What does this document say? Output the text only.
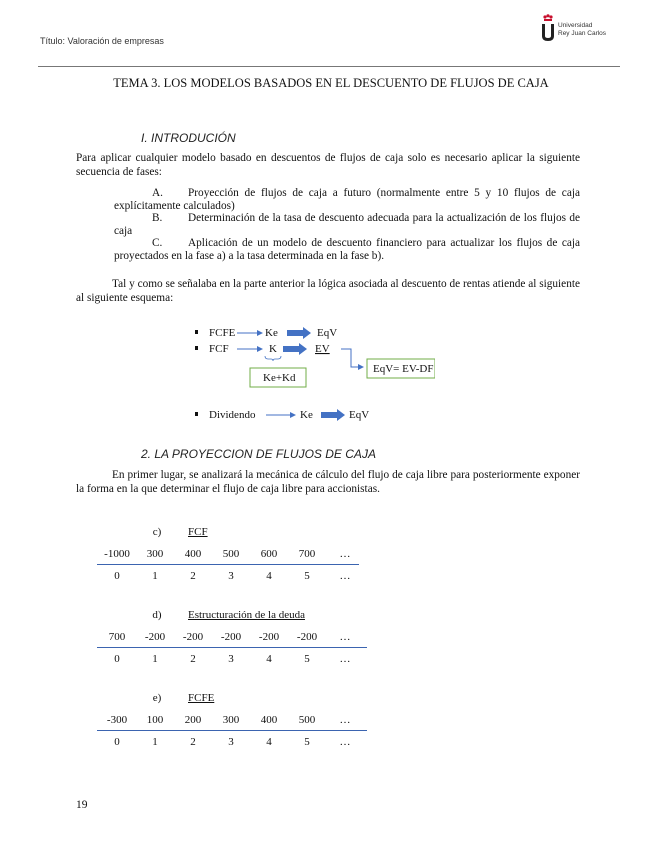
Título: Valoración de empresas
Universidad
Rey Juan Carlos
TEMA 3. LOS MODELOS BASADOS EN EL DESCUENTO DE FLUJOS DE CAJA
I. INTRODUCIÓN
Para aplicar cualquier modelo basado en descuentos de flujos de caja solo es necesario aplicar la siguiente secuencia de fases:
A. Proyección de flujos de caja a futuro (normalmente entre 5 y 10 flujos de caja explícitamente calculados)
B. Determinación de la tasa de descuento adecuada para la actualización de los flujos de caja
C. Aplicación de un modelo de descuento financiero para actualizar los flujos de caja proyectados en la fase a) a la tasa determinada en la fase b).
Tal y como se señalaba en la parte anterior la lógica asociada al descuento de rentas atiende al siguiente al siguiente esquema:
FCFE	Ke	EqV
FCF	K	EV
Ke+Kd
EqV= EV-DF
Dividendo	Ke	EqV
2. LA PROYECCION DE FLUJOS DE CAJA
En primer lugar, se analizará la mecánica de cálculo del flujo de caja libre para posteriormente exponer la forma en la que determinar el flujo de caja libre para accionistas.
c)	FCF
-1000	300	400	500	600	700	…
0	1	2	3	4	5	…
d)	Estructuración de la deuda
700	-200	-200	-200	-200	-200	…
0	1	2	3	4	5	…
e)	FCFE
-300	100	200	300	400	500	…
0	1	2	3	4	5	…
19
